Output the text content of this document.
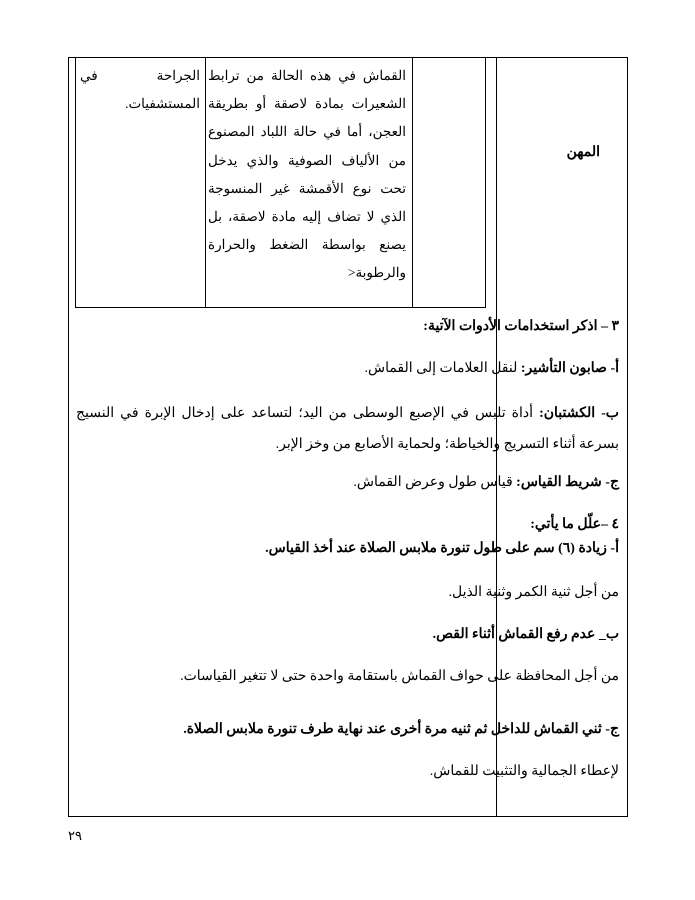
المهن
القماش في هذه الحالة من ترابط الشعيرات بمادة لاصقة أو بطريقة العجن، أما في حالة اللباد المصنوع من الألياف الصوفية والذي يدخل تحت نوع الأقمشة غير المنسوجة الذي لا تضاف إليه مادة لاصقة، بل يصنع بواسطة الضغط والحرارة والرطوبة<
الجراحة في المستشفيات.
٣ – اذكر استخدامات الأدوات الآتية:
أ- صابون التأشير: لنقل العلامات إلى القماش.
ب- الكشتبان: أداة تلبس في الإصبع الوسطى من اليد؛ لتساعد على إدخال الإبرة في النسيج بسرعة أثناء التسريج والخياطة؛ ولحماية الأصابع من وخز الإبر.
ج- شريط القياس: قياس طول وعرض القماش.
٤ –علّل ما يأتي:
أ- زيادة (٦) سم على طول تنورة ملابس الصلاة عند أخذ القياس.
من أجل ثنية الكمر وثنية الذيل.
ب_ عدم رفع القماش أثناء القص.
من أجل المحافظة على حواف القماش باستقامة واحدة حتى لا تتغير القياسات.
ج- ثني القماش للداخل ثم ثنيه مرة أخرى عند نهاية طرف تنورة ملابس الصلاة.
لإعطاء الجمالية والتثبيت للقماش.
٢٩
